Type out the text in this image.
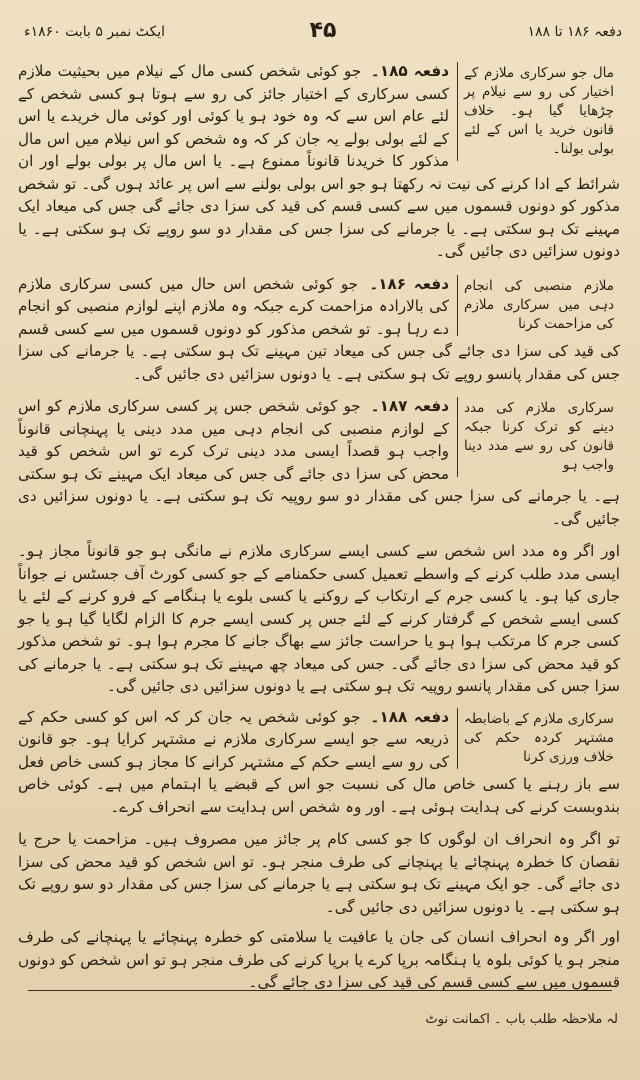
دفعہ ۱۸۶ تا ۱۸۸
۴۵
ایکٹ نمبر ۵ بابت ۱۸۶۰ء
مال جو سرکاری ملازم کے اختیار کی رو سے نیلام پر چڑھایا گیا ہو۔ خلاف قانون خرید یا اس کے لئے بولی بولنا۔
دفعہ ۱۸۵۔ جو کوئی شخص کسی مال کے نیلام میں بحیثیت ملازم کسی سرکاری کے اختیار جائز کی رو سے ہوتا ہو کسی شخص کے لئے عام اس سے کہ وہ خود ہو یا کوئی اور کوئی مال خریدے یا اس کے لئے بولی بولے یہ جان کر کہ وہ شخص کو اس نیلام میں اس مال مذکور کا خریدنا قانوناً ممنوع ہے۔ یا اس مال پر بولی بولے اور ان شرائط کے ادا کرنے کی نیت نہ رکھتا ہو جو اس بولی بولنے سے اس پر عائد ہوں گی۔ تو شخص مذکور کو دونوں قسموں میں سے کسی قسم کی قید کی سزا دی جائے گی جس کی میعاد ایک مہینے تک ہو سکتی ہے۔ یا جرمانے کی سزا جس کی مقدار دو سو روپے تک ہو سکتی ہے۔ یا دونوں سزائیں دی جائیں گی۔
ملازم منصبی کی انجام دہی میں سرکاری ملازم کی مزاحمت کرنا
دفعہ ۱۸۶۔ جو کوئی شخص اس حال میں کسی سرکاری ملازم کی بالارادہ مزاحمت کرے جبکہ وہ ملازم اپنے لوازم منصبی کو انجام دے رہا ہو۔ تو شخص مذکور کو دونوں قسموں میں سے کسی قسم کی قید کی سزا دی جائے گی جس کی میعاد تین مہینے تک ہو سکتی ہے۔ یا جرمانے کی سزا جس کی مقدار پانسو روپے تک ہو سکتی ہے۔ یا دونوں سزائیں دی جائیں گی۔
سرکاری ملازم کی مدد دینے کو ترک کرنا جبکہ قانون کی رو سے مدد دینا واجب ہو
دفعہ ۱۸۷۔ جو کوئی شخص جس پر کسی سرکاری ملازم کو اس کے لوازم منصبی کی انجام دہی میں مدد دینی یا پہنچانی قانوناً واجب ہو قصداً ایسی مدد دینی ترک کرے تو اس شخص کو قید محض کی سزا دی جائے گی جس کی میعاد ایک مہینے تک ہو سکتی ہے۔ یا جرمانے کی سزا جس کی مقدار دو سو روپیہ تک ہو سکتی ہے۔ یا دونوں سزائیں دی جائیں گی۔

اور اگر وہ مدد اس شخص سے کسی ایسے سرکاری ملازم نے مانگی ہو جو قانوناً مجاز ہو۔ ایسی مدد طلب کرنے کے واسطے تعمیل کسی حکمنامے کے جو کسی کورٹ آف جسٹس نے جواناً جاری کیا ہو۔ یا کسی جرم کے ارتکاب کے روکنے یا کسی بلوے یا ہنگامے کے فرو کرنے کے لئے یا کسی ایسے شخص کے گرفتار کرنے کے لئے جس پر کسی ایسے جرم کا الزام لگایا گیا ہو یا جو کسی جرم کا مرتکب ہوا ہو یا حراست جائز سے بھاگ جانے کا مجرم ہوا ہو۔ تو شخص مذکور کو قید محض کی سزا دی جائے گی۔ جس کی میعاد چھ مہینے تک ہو سکتی ہے۔ یا جرمانے کی سزا جس کی مقدار پانسو روپیہ تک ہو سکتی ہے یا دونوں سزائیں دی جائیں گی۔

سرکاری ملازم کے باضابطہ مشتہر کردہ حکم کی خلاف ورزی کرنا
دفعہ ۱۸۸۔ جو کوئی شخص یہ جان کر کہ اس کو کسی حکم کے ذریعہ سے جو ایسے سرکاری ملازم نے مشتہر کرایا ہو۔ جو قانون کی رو سے ایسے حکم کے مشتہر کرانے کا مجاز ہو کسی خاص فعل سے باز رہنے یا کسی خاص مال کی نسبت جو اس کے قبضے یا اہتمام میں ہے۔ کوئی خاص بندوبست کرنے کی ہدایت ہوئی ہے۔ اور وہ شخص اس ہدایت سے انحراف کرے۔

تو اگر وہ انحراف ان لوگوں کا جو کسی کام پر جائز میں مصروف ہیں۔ مزاحمت یا حرج یا نقصان کا خطرہ پہنچائے یا پہنچانے کی طرف منجر ہو۔ تو اس شخص کو قید محض کی سزا دی جائے گی۔ جو ایک مہینے تک ہو سکتی ہے یا جرمانے کی سزا جس کی مقدار دو سو روپے تک ہو سکتی ہے۔ یا دونوں سزائیں دی جائیں گی۔

اور اگر وہ انحراف انسان کی جان یا عافیت یا سلامتی کو خطرہ پہنچائے یا پہنچانے کی طرف منجر ہو یا کوئی بلوہ یا ہنگامہ برپا کرے یا برپا کرنے کی طرف منجر ہو تو اس شخص کو دونوں قسموں میں سے کسی قسم کی قید کی سزا دی جائے گی۔

لہ ملاحظہ طلب باب ۔ اکمانت نوٹ
